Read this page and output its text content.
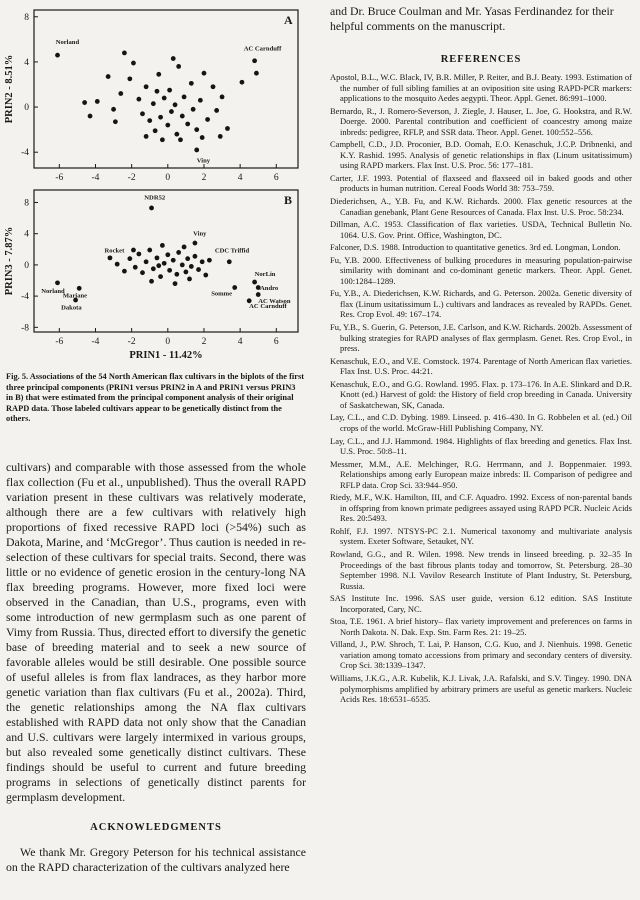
A
-6	-4	-2	0	2	4	6
8
4
0
-4
PRIN2 - 8.51%
Norland
AC Carnduff
Viny
B
-6	-4	-2	0	2	4	6
8
4
0
-4
-8
PRIN3 - 7.87%
PRIN1 - 11.42%
NDR52
Viny
Rocket	CDC Triffid
Norland
Mariane
Dakota
Somme
NorLin
Andro
AC Watson
AC Carnduff

Fig. 5. Associations of the 54 North American flax cultivars in the biplots of the first three principal components (PRIN1 versus PRIN2 in A and PRIN1 versus PRIN3 in B) that were estimated from the principal component analysis of their original RAPD data. Those labeled cultivars appear to be genetically distinct from the others.

cultivars) and comparable with those assessed from the whole flax collection (Fu et al., unpublished). Thus the overall RAPD variation present in these cultivars was relatively moderate, although there are a few cultivars with relatively high proportions of fixed recessive RAPD loci (>54%) such as Dakota, Marine, and ‘McGregor’. Thus caution is needed in re-selection of these cultivars for special traits. Second, there was little or no evidence of genetic erosion in the century-long NA flax breeding programs. However, more fixed loci were observed in the Canadian, than U.S., programs, even with some introduction of new germplasm such as one parent of Vimy from Russia. Thus, directed effort to diversify the genetic base of breeding material and to seek a new source of favorable alleles would be still desirable. One possible source of useful alleles is from flax landraces, as they harbor more genetic variation than flax cultivars (Fu et al., 2002a). Third, the genetic relationships among the NA flax cultivars established with RAPD data not only show that the Canadian and U.S. cultivars were largely intermixed in various groups, but also revealed some genetically distinct cultivars. These findings should be useful to current and future breeding programs in selections of genetically distinct parents for germplasm development.

ACKNOWLEDGMENTS

We thank Mr. Gregory Peterson for his technical assistance on the RAPD characterization of the cultivars analyzed here

and Dr. Bruce Coulman and Mr. Yasas Ferdinandez for their helpful comments on the manuscript.

REFERENCES

Apostol, B.L., W.C. Black, IV, B.R. Miller, P. Reiter, and B.J. Beaty. 1993. Estimation of the number of full sibling families at an oviposition site using RAPD-PCR markers: applications to the mosquito Aedes aegypti. Theor. Appl. Genet. 86:991–1000.
Bernardo, R., J. Romero-Severson, J. Ziegle, J. Hauser, L. Joe, G. Hookstra, and R.W. Doerge. 2000. Parental contribution and coefficient of coancestry among maize inbreds: pedigree, RFLP, and SSR data. Theor. Appl. Genet. 100:552–556.
Campbell, C.D., J.D. Proconier, B.D. Oomah, E.O. Kenaschuk, J.C.P. Dribnenki, and K.Y. Rashid. 1995. Analysis of genetic relationships in flax (Linum usitatissimum) using RAPD markers. Flax Inst. U.S. Proc. 56: 177–181.
Carter, J.F. 1993. Potential of flaxseed and flaxseed oil in baked goods and other products in human nutrition. Cereal Foods World 38: 753–759.
Diederichsen, A., Y.B. Fu, and K.W. Richards. 2000. Flax genetic resources at the Canadian genebank, Plant Gene Resources of Canada. Flax Inst. U.S. Proc. 58:234.
Dillman, A.C. 1953. Classification of flax varieties. USDA, Technical Bulletin No. 1064. U.S. Gov. Print. Office, Washington, DC.
Falconer, D.S. 1988. Introduction to quantitative genetics. 3rd ed. Longman, London.
Fu, Y.B. 2000. Effectiveness of bulking procedures in measuring population-pairwise similarity with dominant and co-dominant genetic markers. Theor. Appl. Genet. 100:1284–1289.
Fu, Y.B., A. Diederichsen, K.W. Richards, and G. Peterson. 2002a. Genetic diversity of flax (Linum usitatissimum L.) cultivars and landraces as revealed by RAPDs. Genet. Res. Crop Evol. 49: 167–174.
Fu, Y.B., S. Guerin, G. Peterson, J.E. Carlson, and K.W. Richards. 2002b. Assessment of bulking strategies for RAPD analyses of flax germplasm. Genet. Res. Crop Evol., in press.
Kenaschuk, E.O., and V.E. Comstock. 1974. Parentage of North American flax varieties. Flax Inst. U.S. Proc. 44:21.
Kenaschuk, E.O., and G.G. Rowland. 1995. Flax. p. 173–176. In A.E. Slinkard and D.R. Knott (ed.) Harvest of gold: the History of field crop breeding in Canada. University of Saskatchewan, SK, Canada.
Lay, C.L., and C.D. Dybing. 1989. Linseed. p. 416–430. In G. Robbelen et al. (ed.) Oil crops of the world. McGraw-Hill Publishing Company, NY.
Lay, C.L., and J.J. Hammond. 1984. Highlights of flax breeding and genetics. Flax Inst. U.S. Proc. 50:8–11.
Messmer, M.M., A.E. Melchinger, R.G. Herrmann, and J. Boppenmaier. 1993. Relationships among early European maize inbreds: II. Comparison of pedigree and RFLP data. Crop Sci. 33:944–950.
Riedy, M.F., W.K. Hamilton, III, and C.F. Aquadro. 1992. Excess of non-parental bands in offspring from known primate pedigrees assayed using RAPD PCR. Nucleic Acids Res. 20:5493.
Rohlf, F.J. 1997. NTSYS-PC 2.1. Numerical taxonomy and multivariate analysis system. Exeter Software, Setauket, NY.
Rowland, G.G., and R. Wilen. 1998. New trends in linseed breeding. p. 32–35 In Proceedings of the bast fibrous plants today and tomorrow, St. Petersburg. 28–30 September 1998. N.I. Vavilov Research Institute of Plant Industry, St. Petersburg, Russia.
SAS Institute Inc. 1996. SAS user guide, version 6.12 edition. SAS Institute Incorporated, Cary, NC.
Stoa, T.E. 1961. A brief history– flax variety improvement and preferences on farms in North Dakota. N. Dak. Exp. Stn. Farm Res. 21: 19–25.
Villand, J., P.W. Shroch, T. Lai, P. Hanson, C.G. Kuo, and J. Nienhuis. 1998. Genetic variation among tomato accessions from primary and secondary centers of diversity. Crop Sci. 38:1339–1347.
Williams, J.K.G., A.R. Kubelik, K.J. Livak, J.A. Rafalski, and S.V. Tingey. 1990. DNA polymorphisms amplified by arbitrary primers are useful as genetic markers. Nucleic Acids Res. 18:6531–6535.
